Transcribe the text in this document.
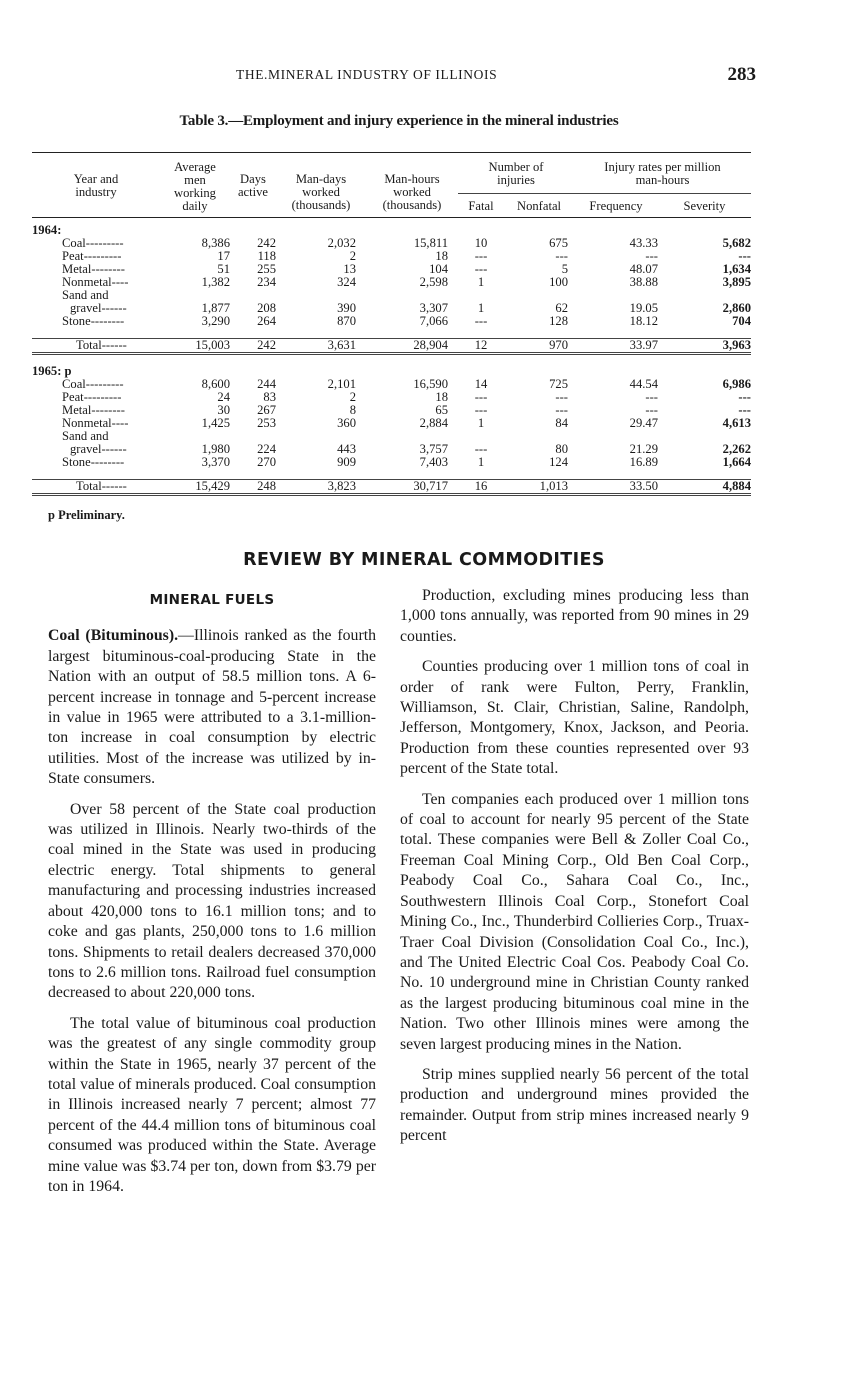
THE.MINERAL INDUSTRY OF ILLINOIS	283
Table 3.—Employment and injury experience in the mineral industries
Year and industry	Average men working daily	Days active	Man-days worked (thousands)	Man-hours worked (thousands)	Number of injuries		Injury rates per million man-hours	
					Fatal	Nonfatal	Frequency	Severity
1964:								
Coal---------	8,386	242	2,032	15,811	10	675	43.33	5,682
Peat---------	17	118	2	18	---	---	---	---
Metal--------	51	255	13	104	---	5	48.07	1,634
Nonmetal----	1,382	234	324	2,598	1	100	38.88	3,895
Sand and								
gravel------	1,877	208	390	3,307	1	62	19.05	2,860
Stone--------	3,290	264	870	7,066	---	128	18.12	704

Total------	15,003	242	3,631	28,904	12	970	33.97	3,963
1965: p								
Coal---------	8,600	244	2,101	16,590	14	725	44.54	6,986
Peat---------	24	83	2	18	---	---	---	---
Metal--------	30	267	8	65	---	---	---	---
Nonmetal----	1,425	253	360	2,884	1	84	29.47	4,613
Sand and								
gravel------	1,980	224	443	3,757	---	80	21.29	2,262
Stone--------	3,370	270	909	7,403	1	124	16.89	1,664

Total------	15,429	248	3,823	30,717	16	1,013	33.50	4,884
p Preliminary.
REVIEW BY MINERAL COMMODITIES
MINERAL FUELS

Coal (Bituminous).—Illinois ranked as the fourth largest bituminous-coal-producing State in the Nation with an output of 58.5 million tons. A 6-percent increase in tonnage and 5-percent increase in value in 1965 were attributed to a 3.1-million-ton increase in coal consumption by electric utilities. Most of the increase was utilized by in-State consumers.

Over 58 percent of the State coal production was utilized in Illinois. Nearly two-thirds of the coal mined in the State was used in producing electric energy. Total shipments to general manufacturing and processing industries increased about 420,000 tons to 16.1 million tons; and to coke and gas plants, 250,000 tons to 1.6 million tons. Shipments to retail dealers decreased 370,000 tons to 2.6 million tons. Railroad fuel consumption decreased to about 220,000 tons.

The total value of bituminous coal production was the greatest of any single commodity group within the State in 1965, nearly 37 percent of the total value of minerals produced. Coal consumption in Illinois increased nearly 7 percent; almost 77 percent of the 44.4 million tons of bituminous coal consumed was produced within the State. Average mine value was $3.74 per ton, down from $3.79 per ton in 1964.

Production, excluding mines producing less than 1,000 tons annually, was reported from 90 mines in 29 counties.

Counties producing over 1 million tons of coal in order of rank were Fulton, Perry, Franklin, Williamson, St. Clair, Christian, Saline, Randolph, Jefferson, Montgomery, Knox, Jackson, and Peoria. Production from these counties represented over 93 percent of the State total.

Ten companies each produced over 1 million tons of coal to account for nearly 95 percent of the State total. These companies were Bell & Zoller Coal Co., Freeman Coal Mining Corp., Old Ben Coal Corp., Peabody Coal Co., Sahara Coal Co., Inc., Southwestern Illinois Coal Corp., Stonefort Coal Mining Co., Inc., Thunderbird Collieries Corp., Truax-Traer Coal Division (Consolidation Coal Co., Inc.), and The United Electric Coal Cos. Peabody Coal Co. No. 10 underground mine in Christian County ranked as the largest producing bituminous coal mine in the Nation. Two other Illinois mines were among the seven largest producing mines in the Nation.

Strip mines supplied nearly 56 percent of the total production and underground mines provided the remainder. Output from strip mines increased nearly 9 percent
